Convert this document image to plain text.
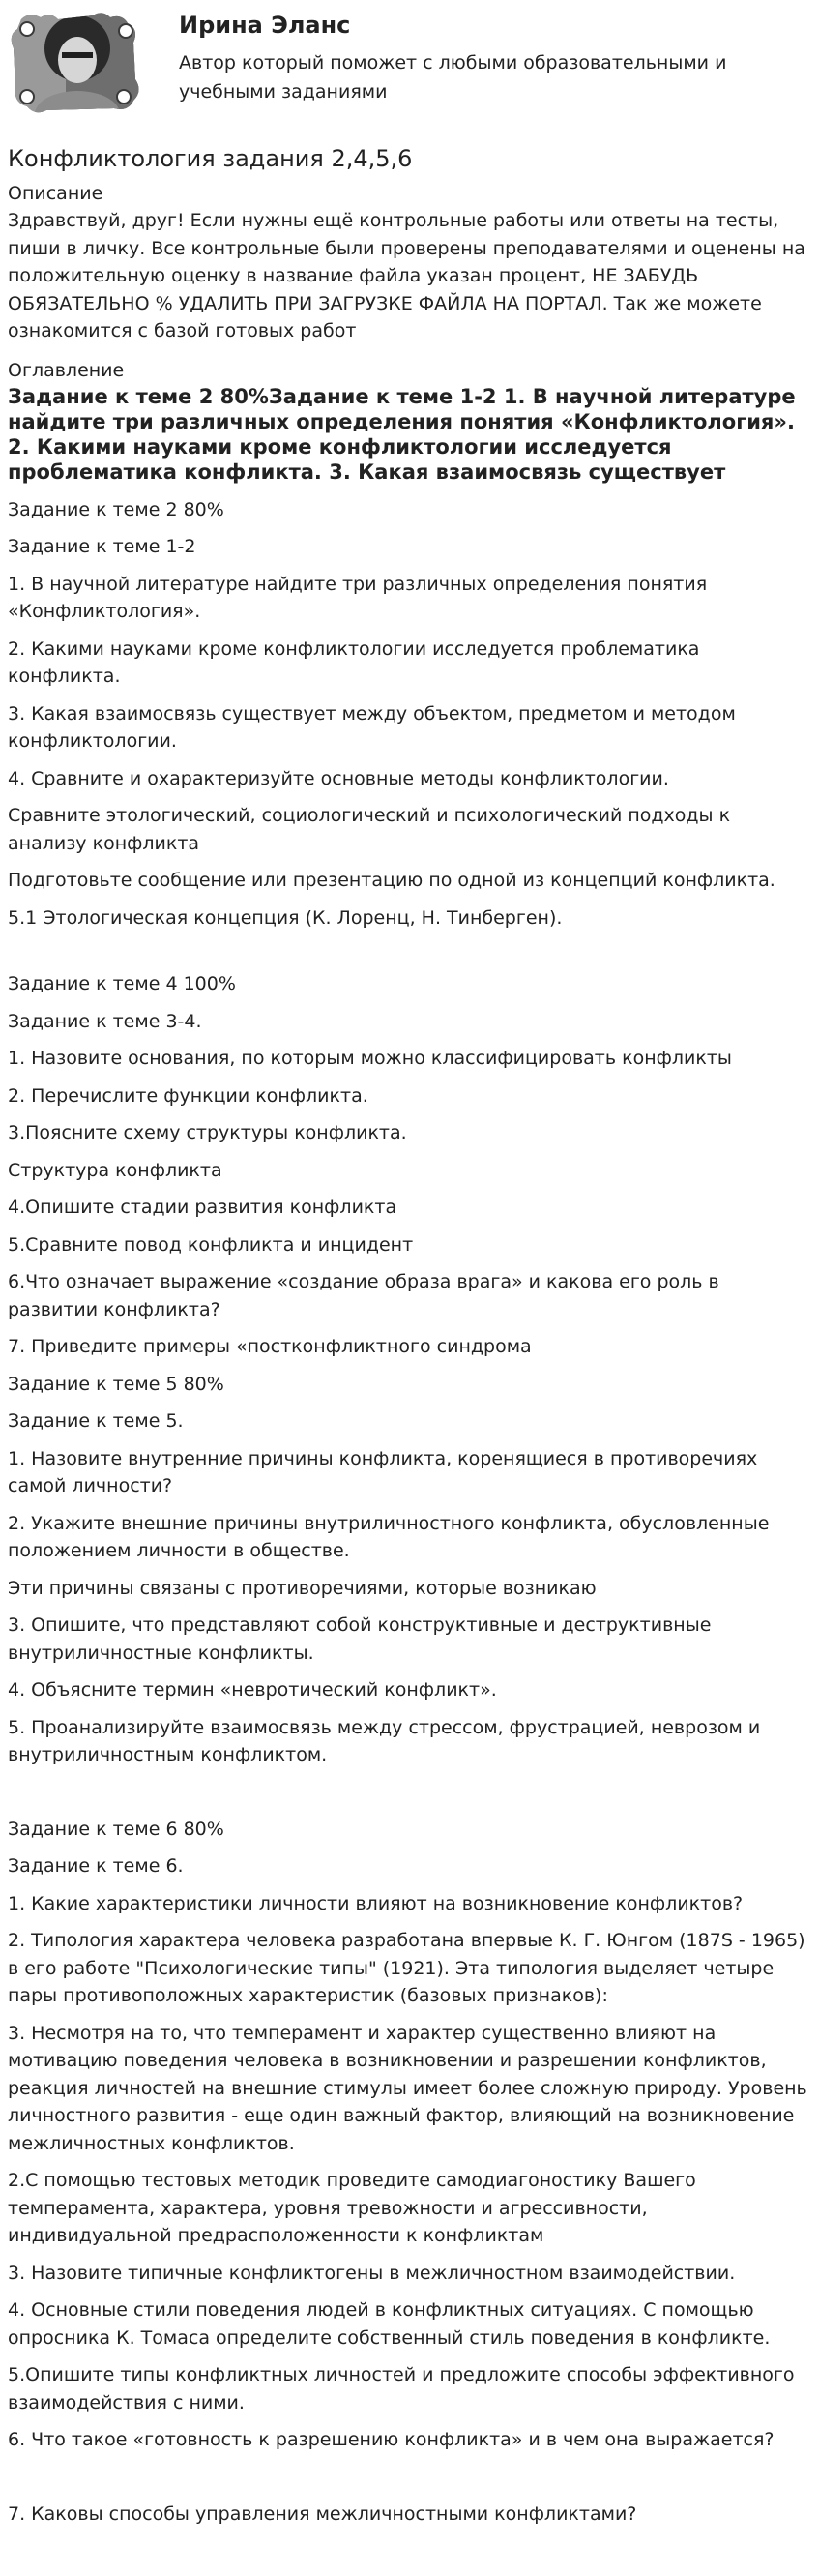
Ирина Эланс

Автор который поможет с любыми образовательными и учебными заданиями

Конфликтология задания 2,4,5,6

Описание

Здравствуй, друг! Если нужны ещё контрольные работы или ответы на тесты, пиши в личку. Все контрольные были проверены преподавателями и оценены на положительную оценку в название файла указан процент, НЕ ЗАБУДЬ ОБЯЗАТЕЛЬНО % УДАЛИТЬ ПРИ ЗАГРУЗКЕ ФАЙЛА НА ПОРТАЛ. Так же можете ознакомится с базой готовых работ

Оглавление

Задание к теме 2 80%Задание к теме 1-2 1. В научной литературе найдите три различных определения понятия «Конфликтология». 2. Какими науками кроме конфликтологии исследуется проблематика конфликта. 3. Какая взаимосвязь существует

Задание к теме 2 80%

Задание к теме 1-2

1. В научной литературе найдите три различных определения понятия «Конфликтология».

2. Какими науками кроме конфликтологии исследуется проблематика конфликта.

3. Какая взаимосвязь существует между объектом, предметом и методом конфликтологии.

4. Сравните и охарактеризуйте основные методы конфликтологии.

Сравните этологический, социологический и психологический подходы к анализу конфликта

Подготовьте сообщение или презентацию по одной из концепций конфликта.

5.1 Этологическая концепция (К. Лоренц, Н. Тинберген).

Задание к теме 4 100%

Задание к теме 3-4.

1. Назовите основания, по которым можно классифицировать конфликты

2. Перечислите функции конфликта.

3.Поясните схему структуры конфликта.

Структура конфликта

4.Опишите стадии развития конфликта

5.Сравните повод конфликта и инцидент

6.Что означает выражение «создание образа врага» и какова его роль в развитии конфликта?

7. Приведите примеры «постконфликтного синдрома

Задание к теме 5 80%

Задание к теме 5.

1. Назовите внутренние причины конфликта, коренящиеся в противоречиях самой личности?

2. Укажите внешние причины внутриличностного конфликта, обусловленные положением личности в обществе.

Эти причины связаны с противоречиями, которые возникаю

3. Опишите, что представляют собой конструктивные и деструктивные внутриличностные конфликты.

4. Объясните термин «невротический конфликт».

5. Проанализируйте взаимосвязь между стрессом, фрустрацией, неврозом и внутриличностным конфликтом.

Задание к теме 6 80%

Задание к теме 6.

1. Какие характеристики личности влияют на возникновение конфликтов?

2. Типология характера человека разработана впервые К. Г. Юнгом (187S - 1965) в его работе "Психологические типы" (1921). Эта типология выделяет четыре пары противоположных характеристик (базовых признаков):

3. Несмотря на то, что темперамент и характер существенно влияют на мотивацию поведения человека в возникновении и разрешении конфликтов, реакция личностей на внешние стимулы имеет более сложную природу. Уровень личностного развития - еще один важный фактор, влияющий на возникновение межличностных конфликтов.

2.С помощью тестовых методик проведите самодиагоностику Вашего темперамента, характера, уровня тревожности и агрессивности, индивидуальной предрасположенности к конфликтам

3. Назовите типичные конфликтогены в межличностном взаимодействии.

4. Основные стили поведения людей в конфликтных ситуациях. С помощью опросника К. Томаса определите собственный стиль поведения в конфликте.

5.Опишите типы конфликтных личностей и предложите способы эффективного взаимодействия с ними.

6. Что такое «готовность к разрешению конфликта» и в чем она выражается?

7. Каковы способы управления межличностными конфликтами?
